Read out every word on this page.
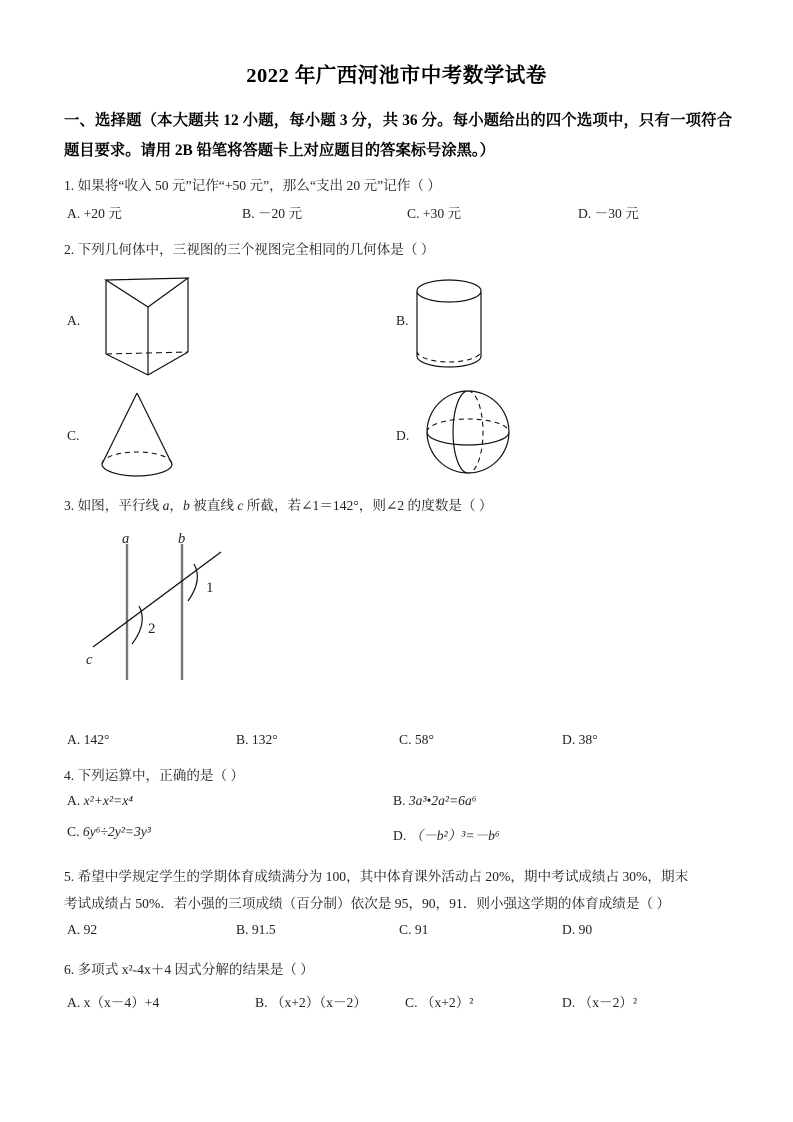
2022 年广西河池市中考数学试卷
一、选择题（本大题共 12 小题，每小题 3 分，共 36 分。每小题给出的四个选项中，只有一项符合题目要求。请用 2B 铅笔将答题卡上对应题目的答案标号涂黑。）
1. 如果将“收入 50 元”记作“+50 元”，那么“支出 20 元”记作（ ）
A. +20 元	B. －20 元	C. +30 元	D. －30 元
2. 下列几何体中，三视图的三个视图完全相同的几何体是（ ）
A.	B.
C.	D.
3. 如图，平行线 a，b 被直线 c 所截，若∠1＝142°，则∠2 的度数是（ ）
a	b
c
1
2
A. 142°	B. 132°	C. 58°	D. 38°
4. 下列运算中，正确的是（ ）
A. x²+x²=x⁴	B. 3a³•2a²=6a⁶
C. 6y⁶÷2y²=3y³	D. （－b²）³=－b⁶
5. 希望中学规定学生的学期体育成绩满分为 100，其中体育课外活动占 20%，期中考试成绩占 30%，期末
考试成绩占 50%．若小强的三项成绩（百分制）依次是 95，90，91．则小强这学期的体育成绩是（ ）
A. 92	B. 91.5	C. 91	D. 90
6. 多项式 x²-4x＋4 因式分解的结果是（ ）
A. x（x－4）+4	B. （x+2）（x－2）	C. （x+2）²	D. （x－2）²
